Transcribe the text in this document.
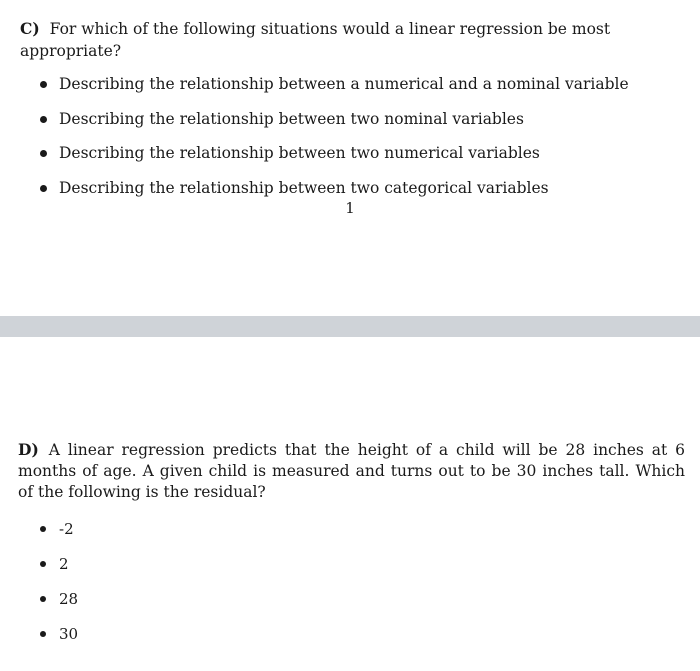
C) For which of the following situations would a linear regression be most appropriate?
Describing the relationship between a numerical and a nominal variable
Describing the relationship between two nominal variables
Describing the relationship between two numerical variables
Describing the relationship between two categorical variables
1
D) A linear regression predicts that the height of a child will be 28 inches at 6 months of age. A given child is measured and turns out to be 30 inches tall. Which of the following is the residual?
-2
2
28
30
